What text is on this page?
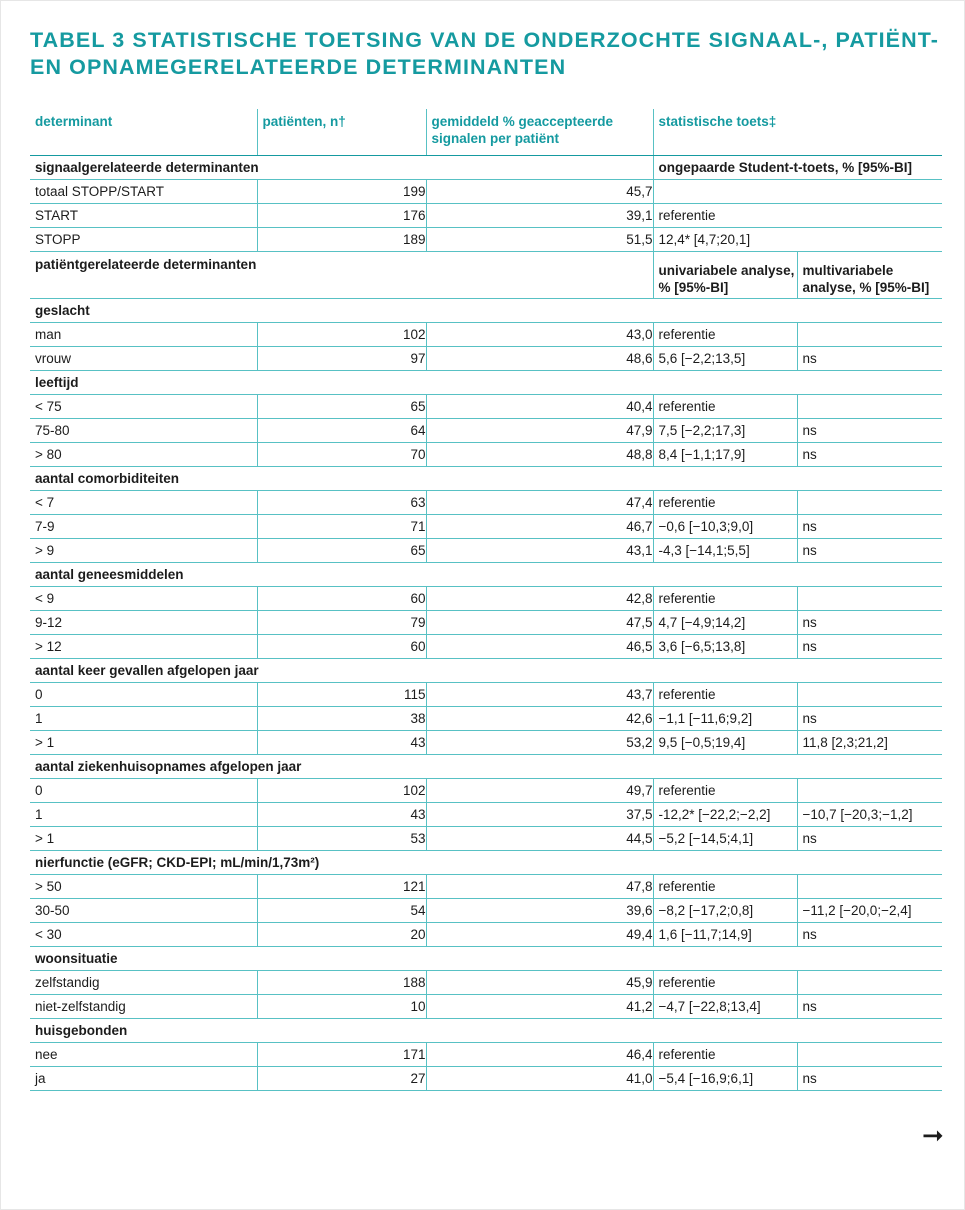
TABEL 3 STATISTISCHE TOETSING VAN DE ONDERZOCHTE SIGNAAL-, PATIËNT- EN OPNAMEGERELATEERDE DETERMINANTEN
determinant	patiënten, n†	gemiddeld % geaccepteerde signalen per patiënt	statistische toets‡	
signaalgerelateerde determinanten			ongepaarde Student-t-toets, % [95%-BI]	
totaal STOPP/START	199	45,7		
START	176	39,1	referentie	
STOPP	189	51,5	12,4* [4,7;20,1]	
patiëntgerelateerde determinanten			univariabele analyse, % [95%-BI]	multivariabele analyse, % [95%-BI]
geslacht				
man	102	43,0	referentie	
vrouw	97	48,6	5,6 [−2,2;13,5]	ns
leeftijd				
< 75	65	40,4	referentie	
75-80	64	47,9	7,5 [−2,2;17,3]	ns
> 80	70	48,8	8,4 [−1,1;17,9]	ns
aantal comorbiditeiten				
< 7	63	47,4	referentie	
7-9	71	46,7	−0,6 [−10,3;9,0]	ns
> 9	65	43,1	-4,3 [−14,1;5,5]	ns
aantal geneesmiddelen				
< 9	60	42,8	referentie	
9-12	79	47,5	4,7 [−4,9;14,2]	ns
> 12	60	46,5	3,6 [−6,5;13,8]	ns
aantal keer gevallen afgelopen jaar				
0	115	43,7	referentie	
1	38	42,6	−1,1 [−11,6;9,2]	ns
> 1	43	53,2	9,5 [−0,5;19,4]	11,8 [2,3;21,2]
aantal ziekenhuisopnames afgelopen jaar				
0	102	49,7	referentie	
1	43	37,5	-12,2* [−22,2;−2,2]	−10,7 [−20,3;−1,2]
> 1	53	44,5	−5,2 [−14,5;4,1]	ns
nierfunctie (eGFR; CKD-EPI; mL/min/1,73m²)				
> 50	121	47,8	referentie	
30-50	54	39,6	−8,2 [−17,2;0,8]	−11,2 [−20,0;−2,4]
< 30	20	49,4	1,6 [−11,7;14,9]	ns
woonsituatie				
zelfstandig	188	45,9	referentie	
niet-zelfstandig	10	41,2	−4,7 [−22,8;13,4]	ns
huisgebonden				
nee	171	46,4	referentie	
ja	27	41,0	−5,4 [−16,9;6,1]	ns
➞
